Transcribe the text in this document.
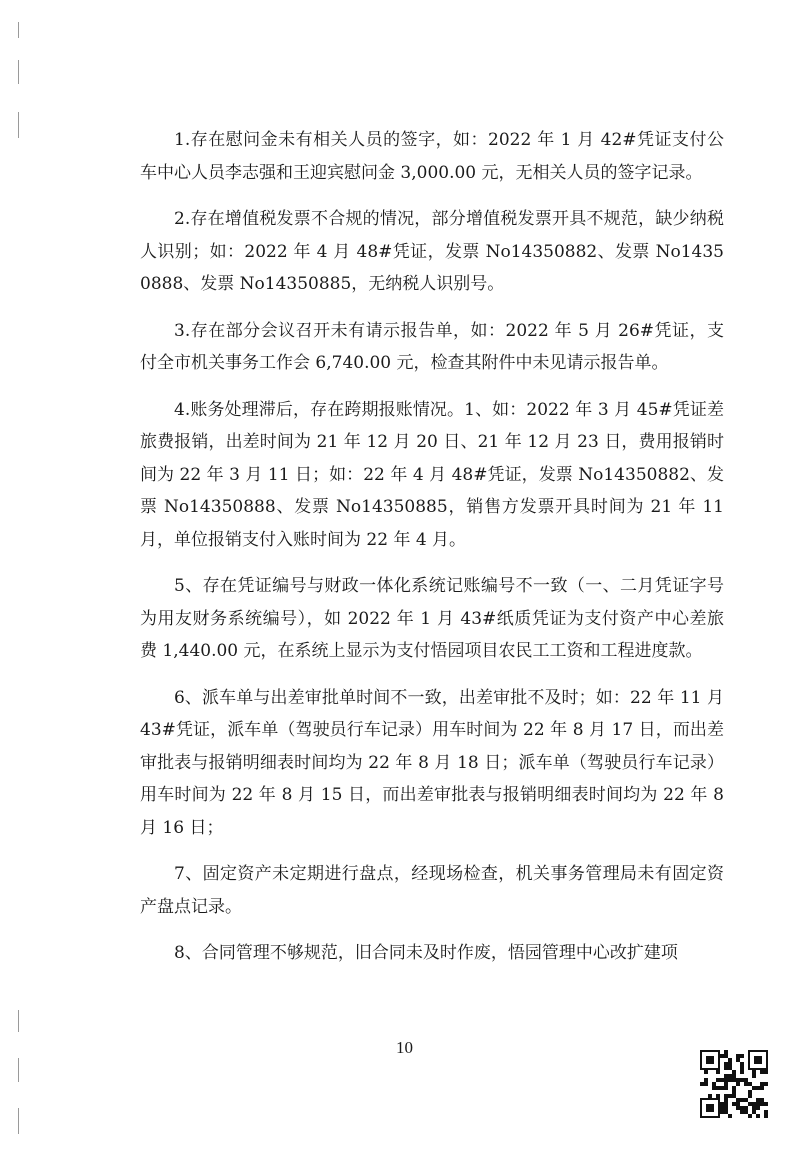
1.存在慰问金未有相关人员的签字，如：2022 年 1 月 42#凭证支付公车中心人员李志强和王迎宾慰问金 3,000.00 元，无相关人员的签字记录。

2.存在增值税发票不合规的情况，部分增值税发票开具不规范，缺少纳税人识别；如：2022 年 4 月 48#凭证，发票 No14350882、发票 No14350888、发票 No14350885，无纳税人识别号。

3.存在部分会议召开未有请示报告单，如：2022 年 5 月 26#凭证，支付全市机关事务工作会 6,740.00 元，检查其附件中未见请示报告单。

4.账务处理滞后，存在跨期报账情况。1、如：2022 年 3 月 45#凭证差旅费报销，出差时间为 21 年 12 月 20 日、21 年 12 月 23 日，费用报销时间为 22 年 3 月 11 日；如：22 年 4 月 48#凭证，发票 No14350882、发票 No14350888、发票 No14350885，销售方发票开具时间为 21 年 11 月，单位报销支付入账时间为 22 年 4 月。

5、存在凭证编号与财政一体化系统记账编号不一致（一、二月凭证字号为用友财务系统编号），如 2022 年 1 月 43#纸质凭证为支付资产中心差旅费 1,440.00 元，在系统上显示为支付悟园项目农民工工资和工程进度款。

6、派车单与出差审批单时间不一致，出差审批不及时；如：22 年 11 月 43#凭证，派车单（驾驶员行车记录）用车时间为 22 年 8 月 17 日，而出差审批表与报销明细表时间均为 22 年 8 月 18 日；派车单（驾驶员行车记录）用车时间为 22 年 8 月 15 日，而出差审批表与报销明细表时间均为 22 年 8 月 16 日；

7、固定资产未定期进行盘点，经现场检查，机关事务管理局未有固定资产盘点记录。

8、合同管理不够规范，旧合同未及时作废，悟园管理中心改扩建项

10
